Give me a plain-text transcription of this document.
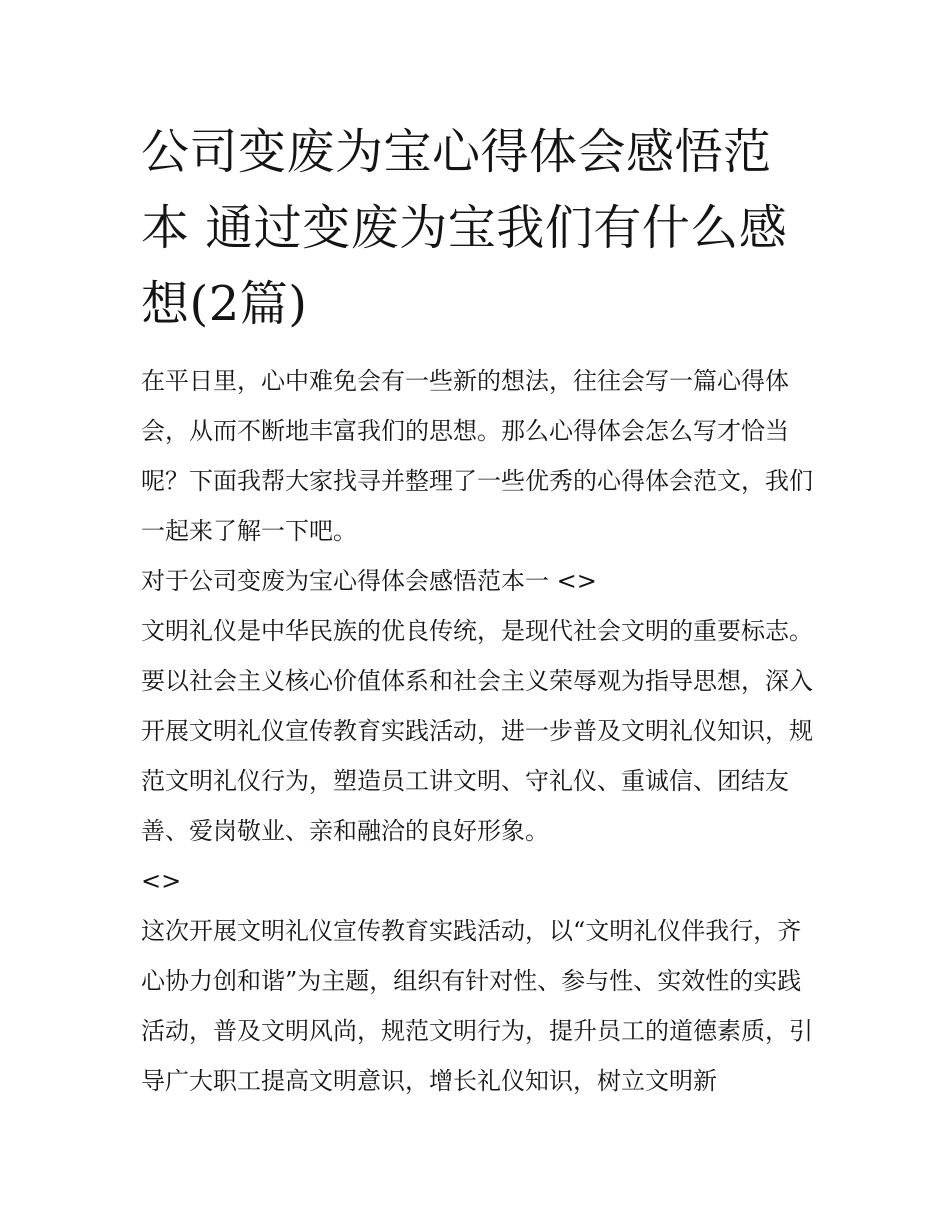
公司变废为宝心得体会感悟范本 通过变废为宝我们有什么感想(2篇)

在平日里，心中难免会有一些新的想法，往往会写一篇心得体会，从而不断地丰富我们的思想。那么心得体会怎么写才恰当呢？下面我帮大家找寻并整理了一些优秀的心得体会范文，我们一起来了解一下吧。

对于公司变废为宝心得体会感悟范本一 <>

文明礼仪是中华民族的优良传统，是现代社会文明的重要标志。要以社会主义核心价值体系和社会主义荣辱观为指导思想，深入开展文明礼仪宣传教育实践活动，进一步普及文明礼仪知识，规范文明礼仪行为，塑造员工讲文明、守礼仪、重诚信、团结友善、爱岗敬业、亲和融洽的良好形象。

<>

这次开展文明礼仪宣传教育实践活动，以“文明礼仪伴我行，齐心协力创和谐”为主题，组织有针对性、参与性、实效性的实践活动，普及文明风尚，规范文明行为，提升员工的道德素质，引导广大职工提高文明意识，增长礼仪知识，树立文明新
